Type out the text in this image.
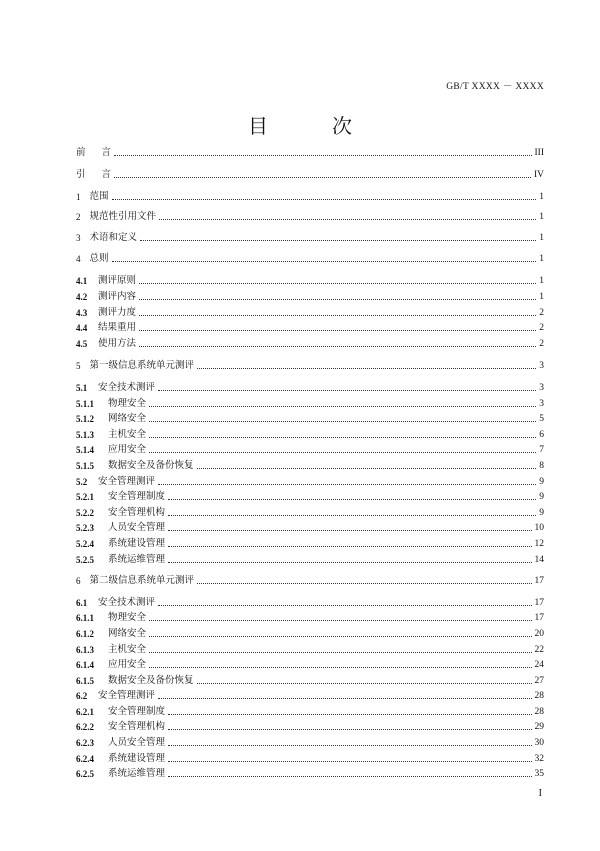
GB/T XXXX － XXXX
目	次
前 言	III
引 言	IV
1 范围	1
2 规范性引用文件	1
3 术语和定义	1
4 总则	1
4.1	测评原则	1
4.2	测评内容	1
4.3	测评力度	2
4.4	结果重用	2
4.5	使用方法	2
5 第一级信息系统单元测评	3
5.1	安全技术测评	3
5.1.1	物理安全	3
5.1.2	网络安全	5
5.1.3	主机安全	6
5.1.4	应用安全	7
5.1.5	数据安全及备份恢复	8
5.2	安全管理测评	9
5.2.1	安全管理制度	9
5.2.2	安全管理机构	9
5.2.3	人员安全管理	10
5.2.4	系统建设管理	12
5.2.5	系统运维管理	14
6 第二级信息系统单元测评	17
6.1	安全技术测评	17
6.1.1	物理安全	17
6.1.2	网络安全	20
6.1.3	主机安全	22
6.1.4	应用安全	24
6.1.5	数据安全及备份恢复	27
6.2	安全管理测评	28
6.2.1	安全管理制度	28
6.2.2	安全管理机构	29
6.2.3	人员安全管理	30
6.2.4	系统建设管理	32
6.2.5	系统运维管理	35
I
